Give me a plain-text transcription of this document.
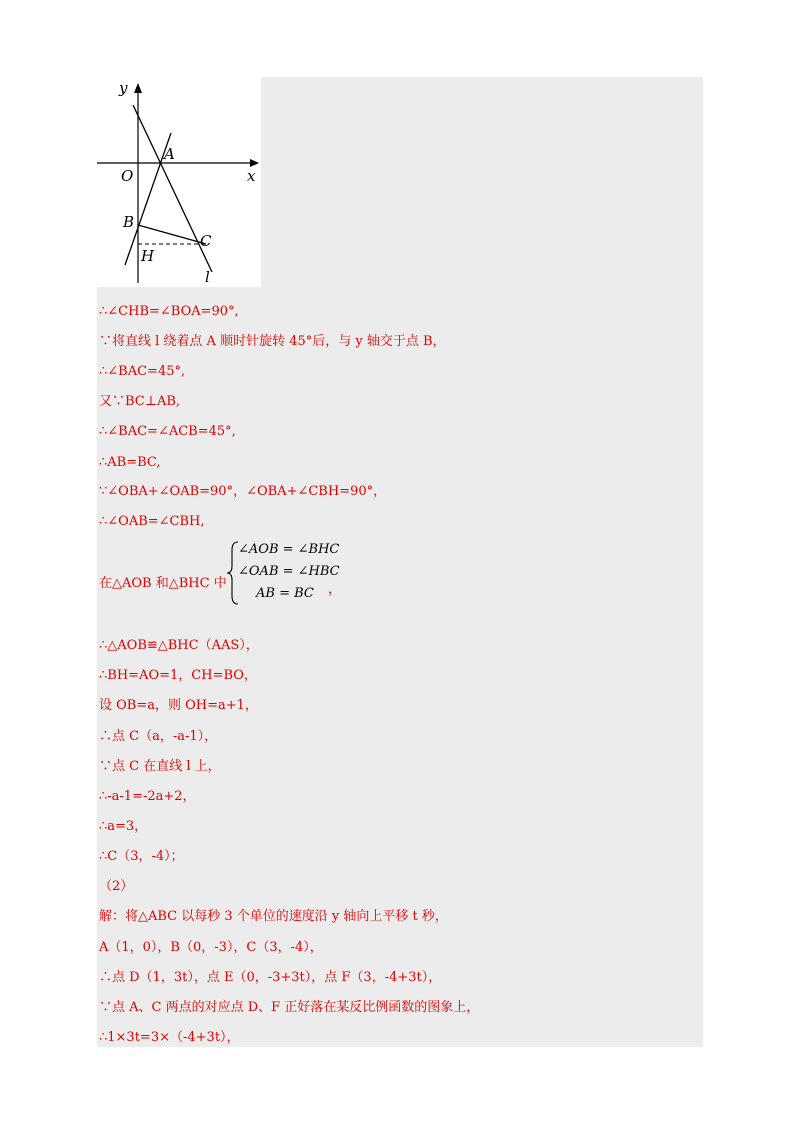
y
x
O
A
B
C
H
l
∴∠CHB=∠BOA=90°,
∵将直线 l 绕着点 A 顺时针旋转 45°后，与 y 轴交于点 B，
∴∠BAC=45°,
又∵BC⊥AB,
∴∠BAC=∠ACB=45°,
∴AB=BC,
∵∠OBA+∠OAB=90°，∠OBA+∠CBH=90°，
∴∠OAB=∠CBH,
在△AOB 和△BHC 中
∠AOB = ∠BHC
∠OAB = ∠HBC
AB = BC ，
∴△AOB≌△BHC（AAS），
∴BH=AO=1，CH=BO，
设 OB=a，则 OH=a+1，
∴点 C（a，-a-1），
∵点 C 在直线 l 上，
∴-a-1=-2a+2，
∴a=3，
∴C（3，-4）；
（2）
解：将△ABC 以每秒 3 个单位的速度沿 y 轴向上平移 t 秒，
A（1，0），B（0，-3），C（3，-4），
∴点 D（1，3t），点 E（0，-3+3t），点 F（3，-4+3t），
∵点 A、C 两点的对应点 D、F 正好落在某反比例函数的图象上，
∴1×3t=3×（-4+3t），
